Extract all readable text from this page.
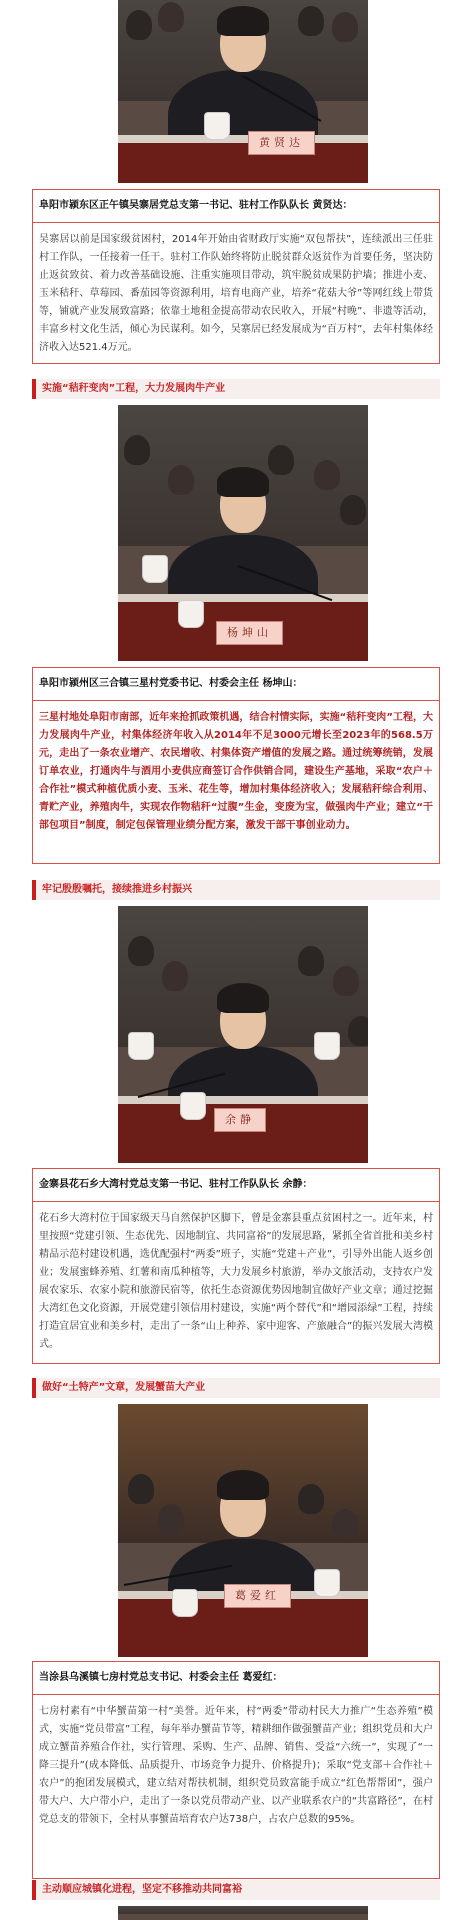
黄贤达
阜阳市颍东区正午镇吴寨居党总支第一书记、驻村工作队队长 黄贤达：
吴寨居以前是国家级贫困村，2014年开始由省财政厅实施“双包帮扶”，连续派出三任驻村工作队，一任接着一任干。驻村工作队始终将防止脱贫群众返贫作为首要任务，坚决防止返贫致贫、着力改善基础设施、注重实施项目带动，筑牢脱贫成果防护墙；推进小麦、玉米秸秆、草莓园、番茄园等资源利用，培育电商产业，培养“花菇大爷”等网红线上带货等，铺就产业发展致富路；依靠土地租金提高带动农民收入，开展“村晚”、非遗等活动，丰富乡村文化生活，倾心为民谋利。如今，吴寨居已经发展成为“百万村”，去年村集体经济收入达521.4万元。
实施“秸秆变肉”工程，大力发展肉牛产业
杨坤山
阜阳市颍州区三合镇三星村党委书记、村委会主任 杨坤山：
三星村地处阜阳市南部，近年来抢抓政策机遇，结合村情实际，实施“秸秆变肉”工程，大力发展肉牛产业，村集体经济年收入从2014年不足3000元增长至2023年的568.5万元，走出了一条农业增产、农民增收、村集体资产增值的发展之路。通过统筹统销，发展订单农业，打通肉牛与酒用小麦供应商签订合作供销合同，建设生产基地，采取“农户＋合作社”模式种植优质小麦、玉米、花生等，增加村集体经济收入；发展秸秆综合利用、青贮产业，养殖肉牛，实现农作物秸秆“过腹”生金，变废为宝，做强肉牛产业；建立“干部包项目”制度，制定包保管理业绩分配方案，激发干部干事创业动力。
牢记殷殷嘱托，接续推进乡村振兴
余静
金寨县花石乡大湾村党总支第一书记、驻村工作队队长 余静：
花石乡大湾村位于国家级天马自然保护区脚下，曾是金寨县重点贫困村之一。近年来，村里按照“党建引领、生态优先、因地制宜、共同富裕”的发展思路，紧抓全省首批和美乡村精品示范村建设机遇，选优配强村“两委”班子，实施“党建＋产业”，引导外出能人返乡创业；发展蜜蜂养殖、红薯和南瓜种植等，大力发展乡村旅游，举办文旅活动，支持农户发展农家乐、农家小院和旅游民宿等，依托生态资源优势因地制宜做好产业文章；通过挖掘大湾红色文化资源，开展党建引领信用村建设，实施“两个替代”和“增园添绿”工程，持续打造宜居宜业和美乡村，走出了一条“山上种养、家中迎客、产旅融合”的振兴发展大湾模式。
做好“土特产”文章，发展蟹苗大产业
葛爱红
当涂县乌溪镇七房村党总支书记、村委会主任 葛爱红：
七房村素有“中华蟹苗第一村”美誉。近年来，村“两委”带动村民大力推广“生态养殖”模式，实施“党员带富”工程，每年举办蟹苗节等，精耕细作做强蟹苗产业；组织党员和大户成立蟹苗养殖合作社，实行管理、采购、生产、品牌、销售、受益“六统一”，实现了“一降三提升”(成本降低、品质提升、市场竞争力提升、价格提升)；采取“党支部＋合作社＋农户”的抱团发展模式，建立结对帮扶机制，组织党员致富能手成立“红色帮帮团”，强户带大户、大户带小户，走出了一条以党员带动产业、以产业联系农户的“共富路径”，在村党总支的带领下，全村从事蟹苗培育农户达738户，占农户总数的95%。
主动顺应城镇化进程，坚定不移推动共同富裕
